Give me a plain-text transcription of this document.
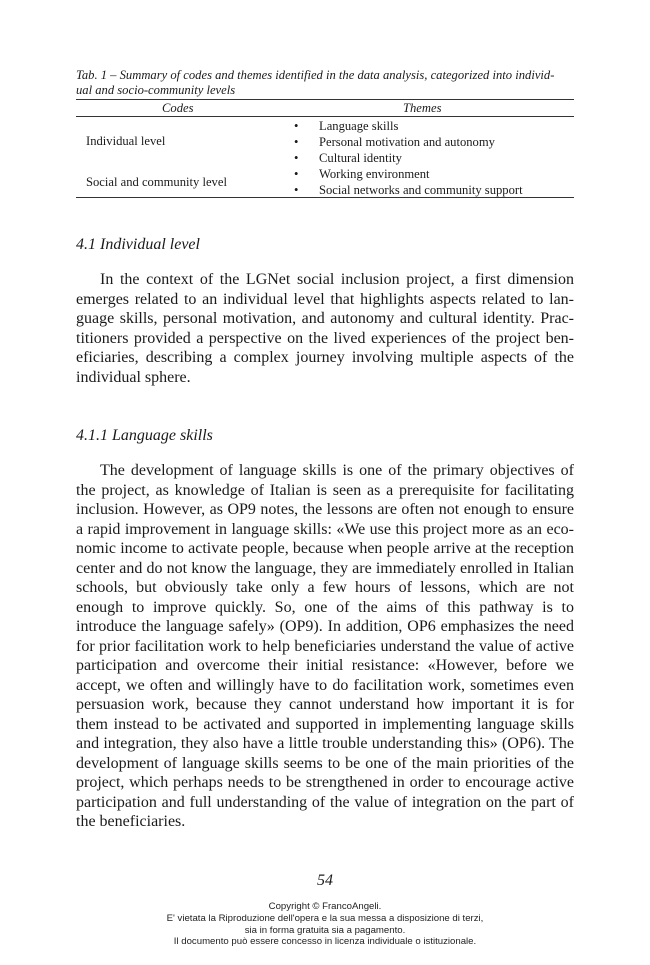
Tab. 1 – Summary of codes and themes identified in the data analysis, categorized into individ-
ual and socio-community levels
Codes	Themes
Individual level
Social and community level
• Language skills
• Personal motivation and autonomy
• Cultural identity
• Working environment
• Social networks and community support
4.1 Individual level
In the context of the LGNet social inclusion project, a first dimension emerges related to an individual level that highlights aspects related to language skills, personal motivation, and autonomy and cultural identity. Practitioners provided a perspective on the lived experiences of the project beneficiaries, describing a complex journey involving multiple aspects of the individual sphere.
4.1.1 Language skills
The development of language skills is one of the primary objectives of the project, as knowledge of Italian is seen as a prerequisite for facilitating inclusion. However, as OP9 notes, the lessons are often not enough to ensure a rapid improvement in language skills: «We use this project more as an economic income to activate people, because when people arrive at the reception center and do not know the language, they are immediately enrolled in Italian schools, but obviously take only a few hours of lessons, which are not enough to improve quickly. So, one of the aims of this pathway is to introduce the language safely» (OP9). In addition, OP6 emphasizes the need for prior facilitation work to help beneficiaries understand the value of active participation and overcome their initial resistance: «However, before we accept, we often and willingly have to do facilitation work, sometimes even persuasion work, because they cannot understand how important it is for them instead to be activated and supported in implementing language skills and integration, they also have a little trouble understanding this» (OP6). The development of language skills seems to be one of the main priorities of the project, which perhaps needs to be strengthened in order to encourage active participation and full understanding of the value of integration on the part of the beneficiaries.
54
Copyright © FrancoAngeli.
E' vietata la Riproduzione dell'opera e la sua messa a disposizione di terzi,
sia in forma gratuita sia a pagamento.
Il documento può essere concesso in licenza individuale o istituzionale.
